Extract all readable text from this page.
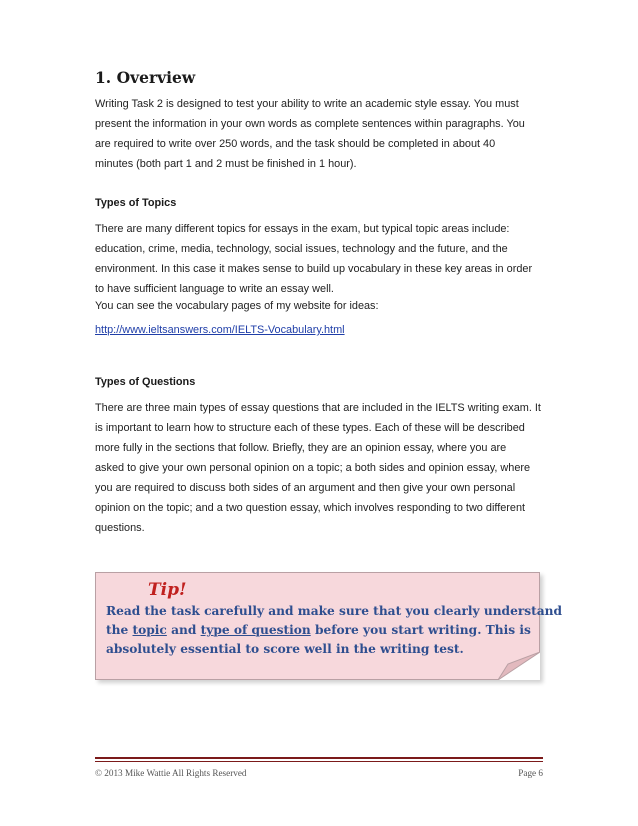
1. Overview
Writing Task 2 is designed to test your ability to write an academic style essay. You must
present the information in your own words as complete sentences within paragraphs. You
are required to write over 250 words, and the task should be completed in about 40
minutes (both part 1 and 2 must be finished in 1 hour).
Types of Topics
There are many different topics for essays in the exam, but typical topic areas include:
education, crime, media, technology, social issues, technology and the future, and the
environment. In this case it makes sense to build up vocabulary in these key areas in order
to have sufficient language to write an essay well.
You can see the vocabulary pages of my website for ideas:
http://www.ieltsanswers.com/IELTS-Vocabulary.html
Types of Questions
There are three main types of essay questions that are included in the IELTS writing exam. It
is important to learn how to structure each of these types. Each of these will be described
more fully in the sections that follow. Briefly, they are an opinion essay, where you are
asked to give your own personal opinion on a topic; a both sides and opinion essay, where
you are required to discuss both sides of an argument and then give your own personal
opinion on the topic; and a two question essay, which involves responding to two different
questions.
Tip!
Read the task carefully and make sure that you clearly understand
the topic and type of question before you start writing. This is
absolutely essential to score well in the writing test.
© 2013 Mike Wattie All Rights Reserved	Page 6
